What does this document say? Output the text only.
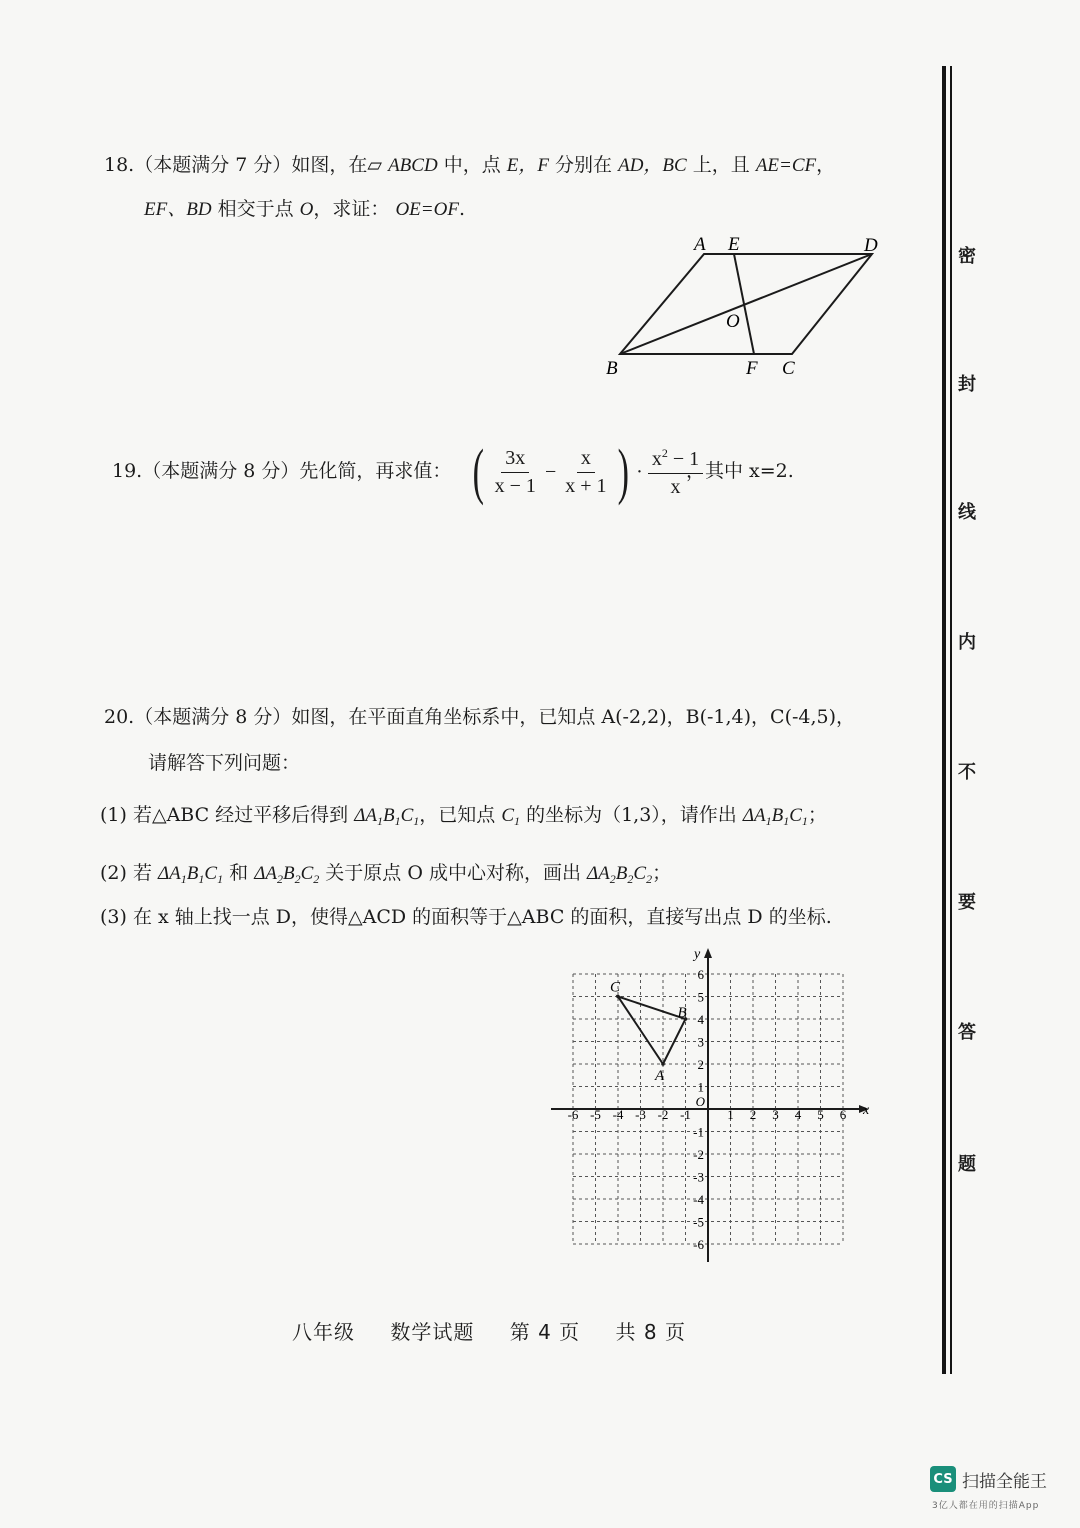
18.（本题满分 7 分）如图，在▱ ABCD 中，点 E，F 分别在 AD，BC 上，且 AE=CF，
EF、BD 相交于点 O，求证： OE=OF.
A E	D
O
B	F C
19.（本题满分 8 分）先化简，再求值： ( $\frac{3x}{x - 1} - \frac{x}{x + 1}$ ) · $\frac{x^2 - 1}{x}$
，其中 x=2.
20.（本题满分 8 分）如图，在平面直角坐标系中，已知点 A(-2,2)，B(-1,4)，C(-4,5)，
请解答下列问题：
(1) 若△ABC 经过平移后得到 $\Delta A_1B_1C_1$，已知点 $C_1$ 的坐标为（1,3），请作出 $\Delta A_1B_1C_1$；
(2) 若 $\Delta A_1B_1C_1$ 和 $\Delta A_2B_2C_2$ 关于原点 O 成中心对称，画出 $\Delta A_2B_2C_2$；
(3) 在 x 轴上找一点 D，使得△ACD 的面积等于△ABC 的面积，直接写出点 D 的坐标.
x
y
O
-6 -5 -4 -3 -2 -1	1 2 3 4 5 6
-6
-5
-4
-3
-2
-1
1
2
3
4
5
6
A
B
C
密
封
线
内
不
要
答
题
八年级 数学试题 第 4 页 共 8 页
CS 扫描全能王
3亿人都在用的扫描App
